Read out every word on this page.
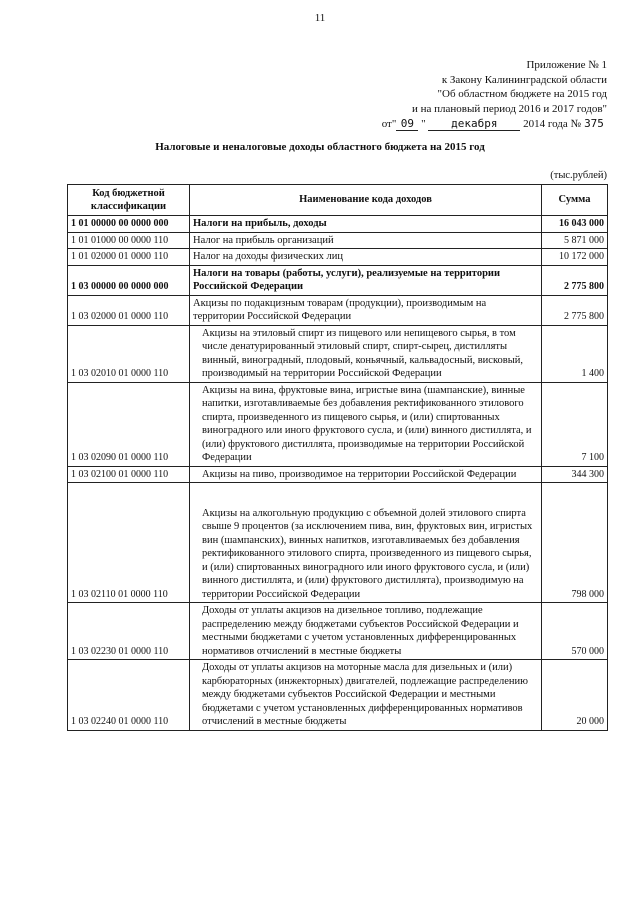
11
Приложение № 1
к Закону Калининградской области
"Об областном бюджете на 2015 год
и на плановый период 2016 и 2017 годов"
от" 09 " декабря 2014 года № 375
Налоговые и неналоговые доходы областного бюджета на 2015 год
(тыс.рублей)
Код бюджетной классификации	Наименование кода доходов	Сумма
1 01 00000 00 0000 000	Налоги на прибыль, доходы	16 043 000
1 01 01000 00 0000 110	Налог на прибыль организаций	5 871 000
1 01 02000 01 0000 110	Налог на доходы физических лиц	10 172 000
1 03 00000 00 0000 000	Налоги на товары (работы, услуги), реализуемые на территории Российской Федерации	2 775 800
1 03 02000 01 0000 110	Акцизы по подакцизным товарам (продукции), производимым на территории Российской Федерации	2 775 800
1 03 02010 01 0000 110	Акцизы на этиловый спирт из пищевого или непищевого сырья, в том числе денатурированный этиловый спирт, спирт-сырец, дистилляты винный, виноградный, плодовый, коньячный, кальвадосный, висковый, производимый на территории Российской Федерации	1 400
1 03 02090 01 0000 110	Акцизы на вина, фруктовые вина, игристые вина (шампанские), винные напитки, изготавливаемые без добавления ректификованного этилового спирта, произведенного из пищевого сырья, и (или) спиртованных виноградного или иного фруктового сусла, и (или) винного дистиллята, и (или) фруктового дистиллята, производимые на территории Российской Федерации	7 100
1 03 02100 01 0000 110	Акцизы на пиво, производимое на территории Российской Федерации	344 300
1 03 02110 01 0000 110	Акцизы на алкогольную продукцию с объемной долей этилового спирта свыше 9 процентов (за исключением пива, вин, фруктовых вин, игристых вин (шампанских), винных напитков, изготавливаемых без добавления ректификованного этилового спирта, произведенного из пищевого сырья, и (или) спиртованных виноградного или иного фруктового сусла, и (или) винного дистиллята, и (или) фруктового дистиллята), производимую на территории Российской Федерации	798 000
1 03 02230 01 0000 110	Доходы от уплаты акцизов на дизельное топливо, подлежащие распределению между бюджетами субъектов Российской Федерации и местными бюджетами с учетом установленных дифференцированных нормативов отчислений в местные бюджеты	570 000
1 03 02240 01 0000 110	Доходы от уплаты акцизов на моторные масла для дизельных и (или) карбюраторных (инжекторных) двигателей, подлежащие распределению между бюджетами субъектов Российской Федерации и местными бюджетами с учетом установленных дифференцированных нормативов отчислений в местные бюджеты	20 000
